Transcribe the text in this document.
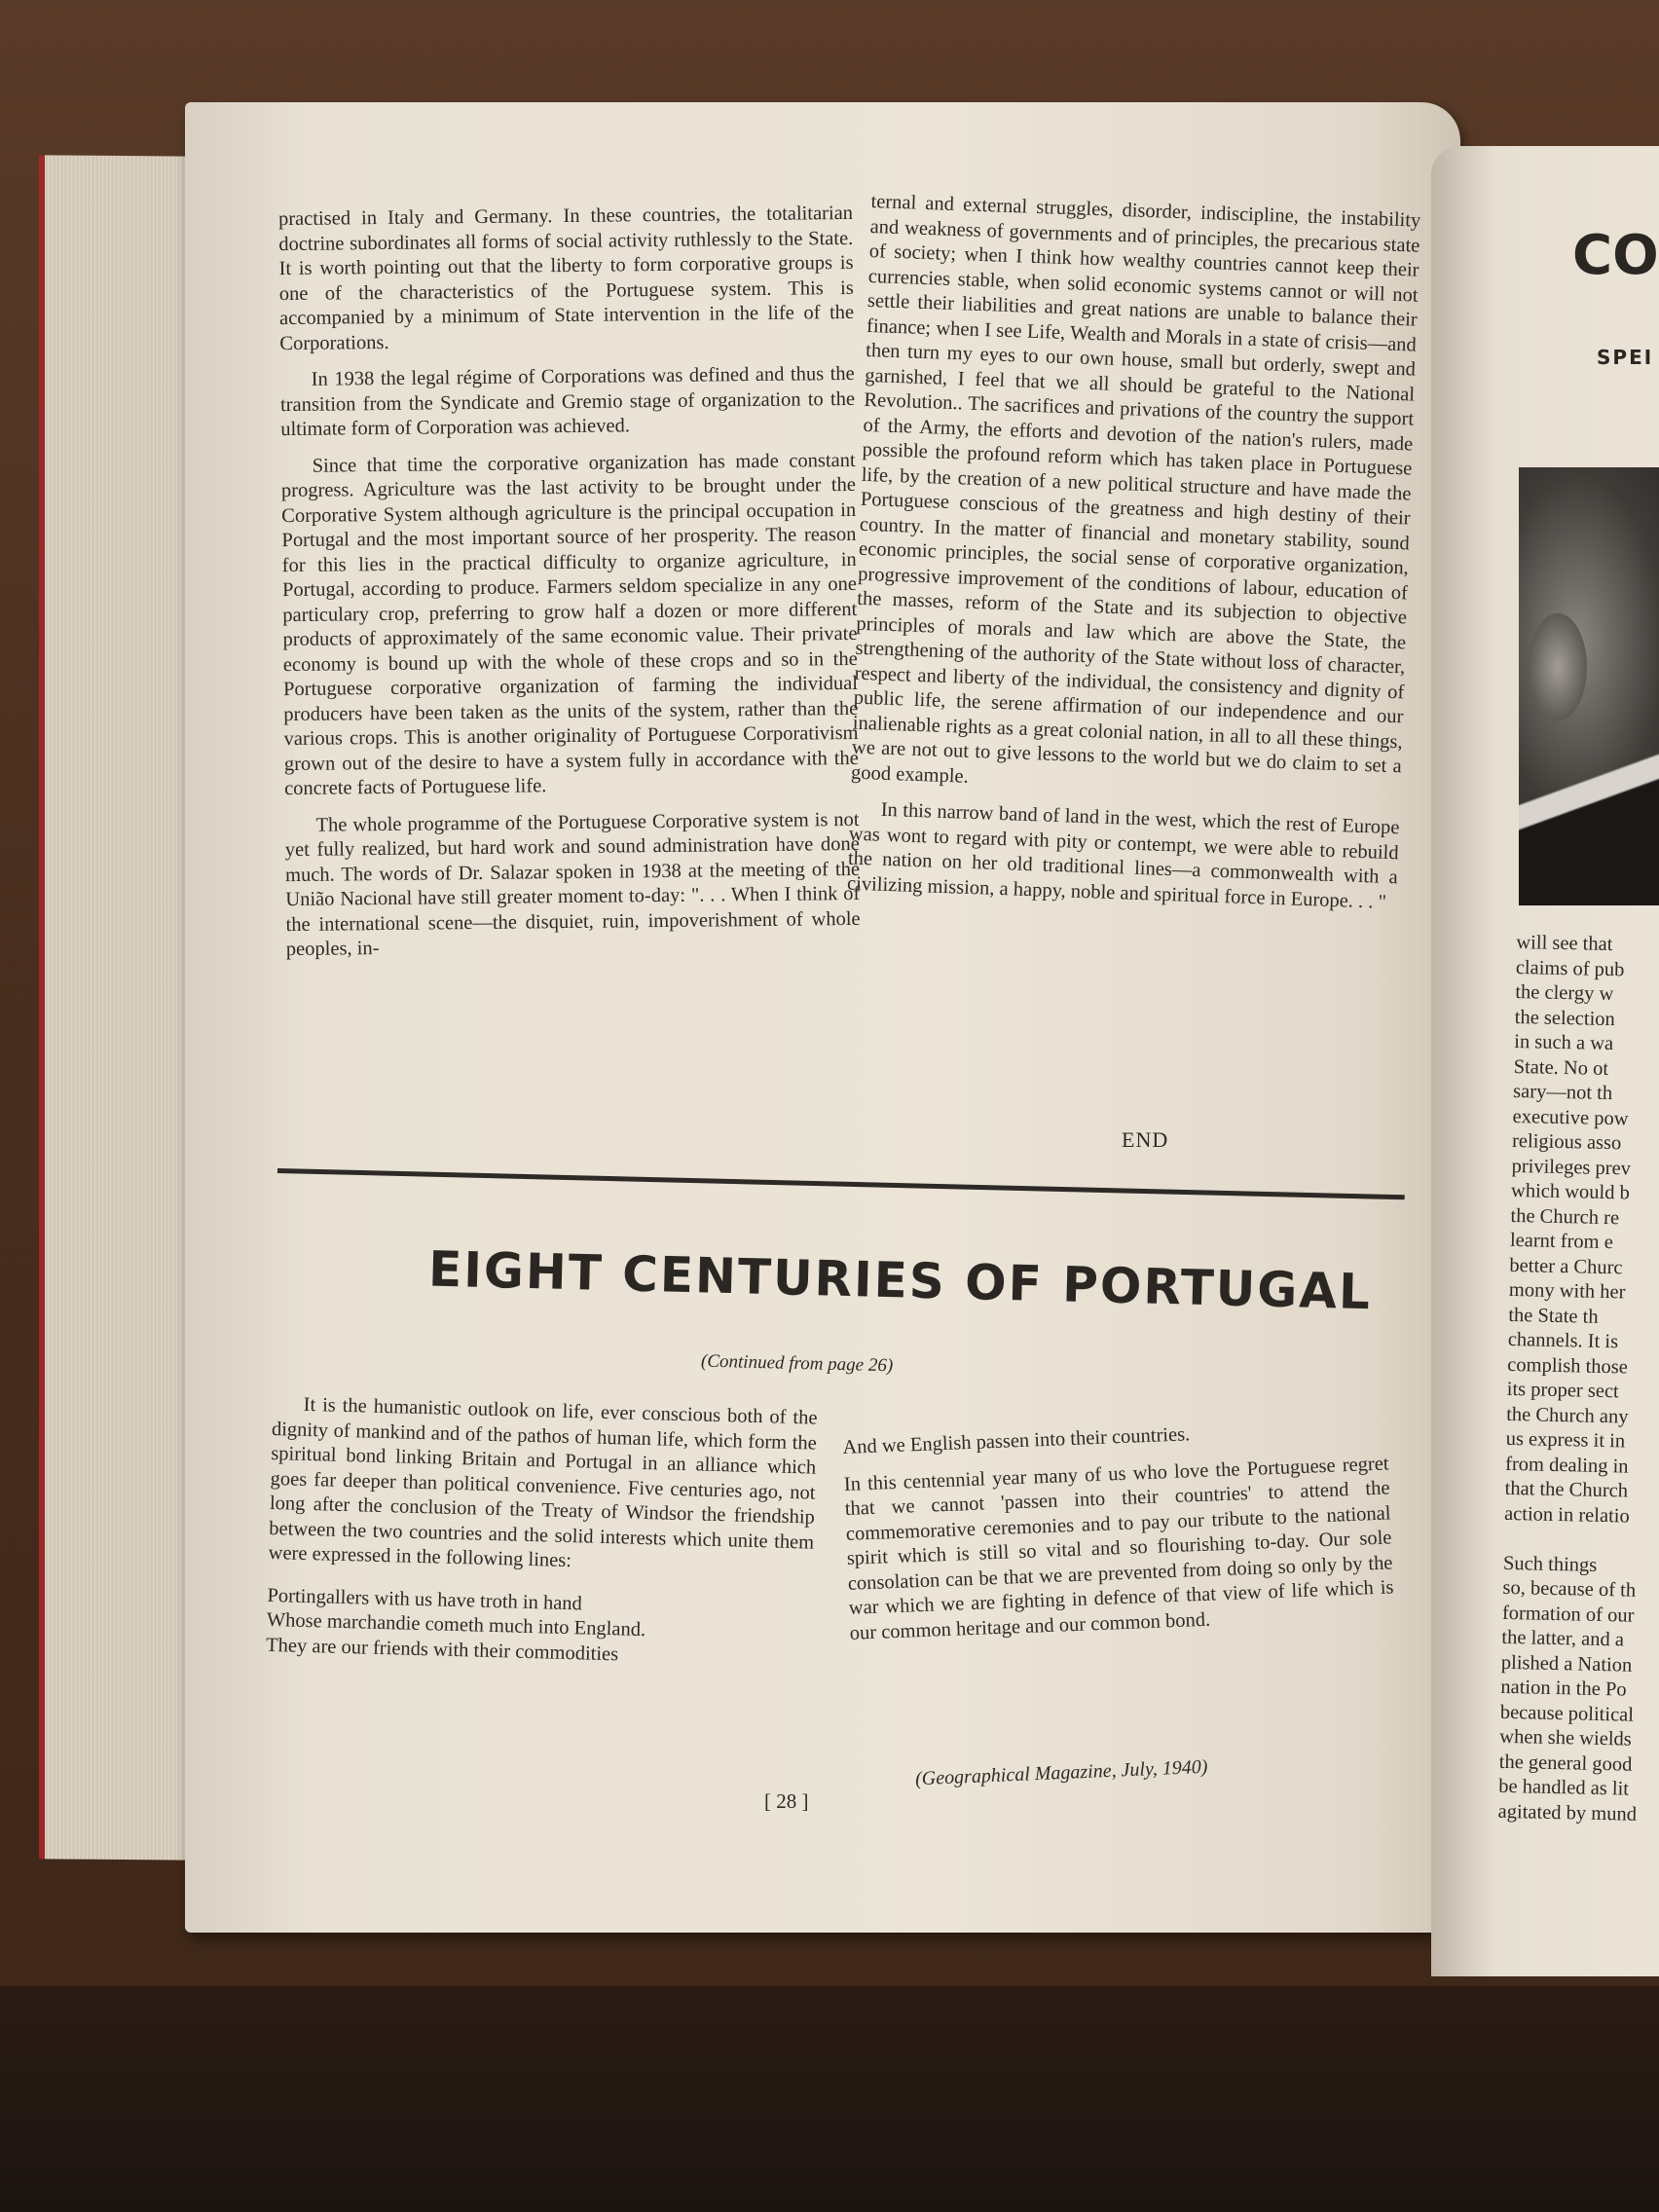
practised in Italy and Germany. In these countries, the totalitarian doctrine subordinates all forms of social activity ruthlessly to the State. It is worth pointing out that the liberty to form corporative groups is one of the characteristics of the Portuguese system. This is accompanied by a minimum of State intervention in the life of the Corporations.

In 1938 the legal régime of Corporations was defined and thus the transition from the Syndicate and Gremio stage of organization to the ultimate form of Corporation was achieved.

Since that time the corporative organization has made constant progress. Agriculture was the last activity to be brought under the Corporative System although agriculture is the principal occupation in Portugal and the most important source of her prosperity. The reason for this lies in the practical difficulty to organize agriculture, in Portugal, according to produce. Farmers seldom specialize in any one particulary crop, preferring to grow half a dozen or more different products of approximately of the same economic value. Their private economy is bound up with the whole of these crops and so in the Portuguese corporative organization of farming the individual producers have been taken as the units of the system, rather than the various crops. This is another originality of Portuguese Corporativism grown out of the desire to have a system fully in accordance with the concrete facts of Portuguese life.

The whole programme of the Portuguese Corporative system is not yet fully realized, but hard work and sound administration have done much. The words of Dr. Salazar spoken in 1938 at the meeting of the União Nacional have still greater moment to-day: ". . . When I think of the international scene—the disquiet, ruin, impoverishment of whole peoples, in-

ternal and external struggles, disorder, indiscipline, the instability and weakness of governments and of principles, the precarious state of society; when I think how wealthy countries cannot keep their currencies stable, when solid economic systems cannot or will not settle their liabilities and great nations are unable to balance their finance; when I see Life, Wealth and Morals in a state of crisis—and then turn my eyes to our own house, small but orderly, swept and garnished, I feel that we all should be grateful to the National Revolution.. The sacrifices and privations of the country the support of the Army, the efforts and devotion of the nation's rulers, made possible the profound reform which has taken place in Portuguese life, by the creation of a new political structure and have made the Portuguese conscious of the greatness and high destiny of their country. In the matter of financial and monetary stability, sound economic principles, the social sense of corporative organization, progressive improvement of the conditions of labour, education of the masses, reform of the State and its subjection to objective principles of morals and law which are above the State, the strengthening of the authority of the State without loss of character, respect and liberty of the individual, the consistency and dignity of public life, the serene affirmation of our independence and our inalienable rights as a great colonial nation, in all to all these things, we are not out to give lessons to the world but we do claim to set a good example.

In this narrow band of land in the west, which the rest of Europe was wont to regard with pity or contempt, we were able to rebuild the nation on her old traditional lines—a commonwealth with a civilizing mission, a happy, noble and spiritual force in Europe. . . "

END
EIGHT CENTURIES OF PORTUGAL
(Continued from page 26)

It is the humanistic outlook on life, ever conscious both of the dignity of mankind and of the pathos of human life, which form the spiritual bond linking Britain and Portugal in an alliance which goes far deeper than political convenience. Five centuries ago, not long after the conclusion of the Treaty of Windsor the friendship between the two countries and the solid interests which unite them were expressed in the following lines:

Portingallers with us have troth in hand
Whose marchandie cometh much into England.
They are our friends with their commodities

And we English passen into their countries.

In this centennial year many of us who love the Portuguese regret that we cannot 'passen into their countries' to attend the commemorative ceremonies and to pay our tribute to the national spirit which is still so vital and so flourishing to-day. Our sole consolation can be that we are prevented from doing so only by the war which we are fighting in defence of that view of life which is our common heritage and our common bond.

(Geographical Magazine, July, 1940)
[ 28 ]
CO
SPEI
will see that
claims of pub
the clergy w
the selection
in such a wa
State. No ot
sary—not th
executive pow
religious asso
privileges prev
which would b
the Church re
learnt from e
better a Churc
mony with her
the State th
channels. It is
complish those
its proper sect
the Church any
us express it in
from dealing in
that the Church
action in relatio
Such things
so, because of th
formation of our
the latter, and a
plished a Nation
nation in the Po
because political
when she wields
the general good
be handled as lit
agitated by mund
